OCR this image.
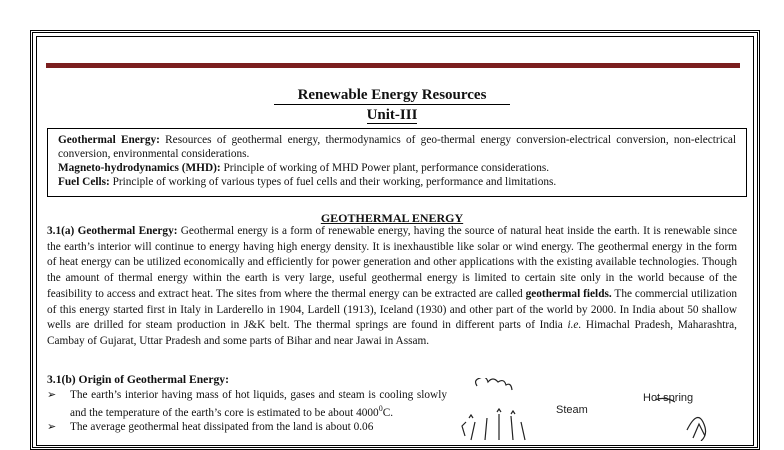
Renewable Energy Resources
Unit-III
Geothermal Energy: Resources of geothermal energy, thermodynamics of geo-thermal energy conversion-electrical conversion, non-electrical conversion, environmental considerations.
Magneto-hydrodynamics (MHD): Principle of working of MHD Power plant, performance considerations.
Fuel Cells: Principle of working of various types of fuel cells and their working, performance and limitations.
GEOTHERMAL ENERGY
3.1(a) Geothermal Energy: Geothermal energy is a form of renewable energy, having the source of natural heat inside the earth. It is renewable since the earth’s interior will continue to energy having high energy density. It is inexhaustible like solar or wind energy. The geothermal energy in the form of heat energy can be utilized economically and efficiently for power generation and other applications with the existing available technologies. Though the amount of thermal energy within the earth is very large, useful geothermal energy is limited to certain site only in the world because of the feasibility to access and extract heat. The sites from where the thermal energy can be extracted are called geothermal fields. The commercial utilization of this energy started first in Italy in Larderello in 1904, Lardell (1913), Iceland (1930) and other part of the world by 2000. In India about 50 shallow wells are drilled for steam production in J&K belt. The thermal springs are found in different parts of India i.e. Himachal Pradesh, Maharashtra, Cambay of Gujarat, Uttar Pradesh and some parts of Bihar and near Jawai in Assam.
3.1(b) Origin of Geothermal Energy:
➢ The earth’s interior having mass of hot liquids, gases and steam is cooling slowly and the temperature of the earth’s core is estimated to be about 4000$^0$C.
➢ The average geothermal heat dissipated from the land is about 0.06
Steam
Hot spring
